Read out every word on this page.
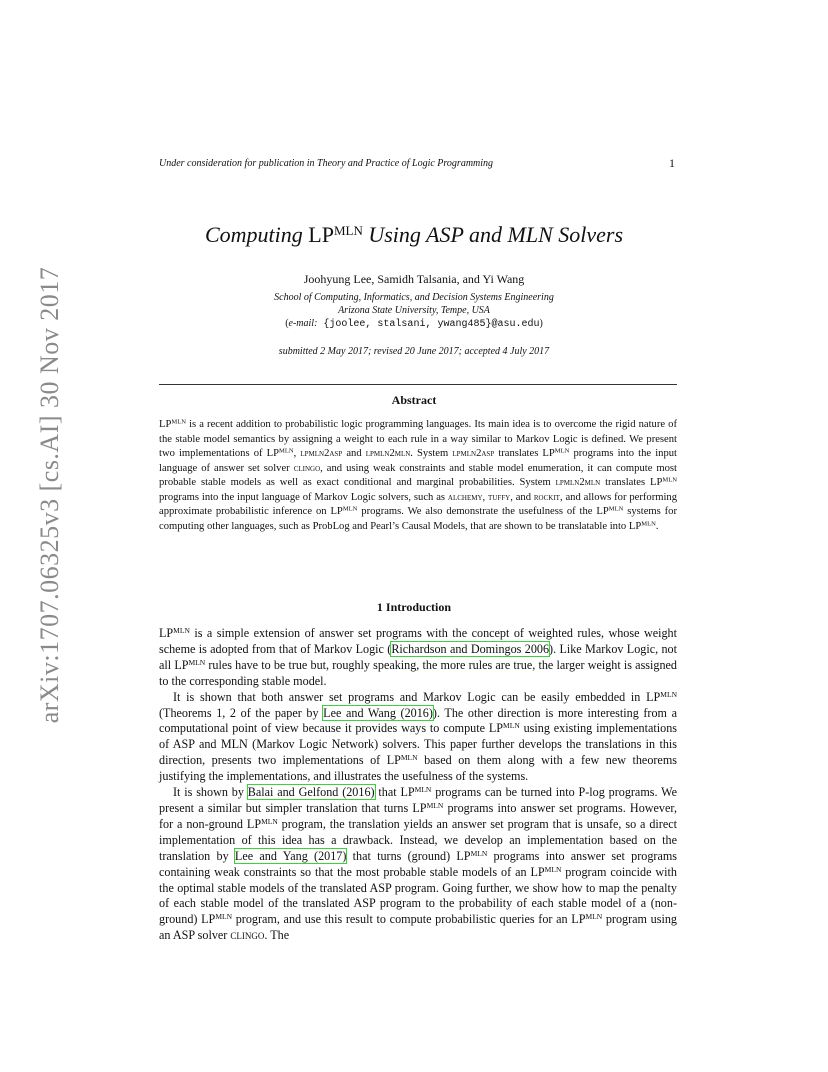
arXiv:1707.06325v3 [cs.AI] 30 Nov 2017
Under consideration for publication in Theory and Practice of Logic Programming	1
Computing $LP^{MLN}$ Using ASP and MLN Solvers
Joohyung Lee, Samidh Talsania, and Yi Wang
School of Computing, Informatics, and Decision Systems Engineering
Arizona State University, Tempe, USA
(e-mail: {joolee, stalsani, ywang485}@asu.edu)
submitted 2 May 2017; revised 20 June 2017; accepted 4 July 2017
Abstract
$LP^{MLN}$ is a recent addition to probabilistic logic programming languages. Its main idea is to overcome the rigid nature of the stable model semantics by assigning a weight to each rule in a way similar to Markov Logic is defined. We present two implementations of $LP^{MLN}$, lpmln2asp and lpmln2mln. System lpmln2asp translates $LP^{MLN}$ programs into the input language of answer set solver clingo, and using weak constraints and stable model enumeration, it can compute most probable stable models as well as exact conditional and marginal probabilities. System lpmln2mln translates $LP^{MLN}$ programs into the input language of Markov Logic solvers, such as alchemy, tuffy, and rockit, and allows for performing approximate probabilistic inference on $LP^{MLN}$ programs. We also demonstrate the usefulness of the $LP^{MLN}$ systems for computing other languages, such as ProbLog and Pearl’s Causal Models, that are shown to be translatable into $LP^{MLN}$.
1 Introduction

$LP^{MLN}$ is a simple extension of answer set programs with the concept of weighted rules, whose weight scheme is adopted from that of Markov Logic (Richardson and Domingos 2006). Like Markov Logic, not all $LP^{MLN}$ rules have to be true but, roughly speaking, the more rules are true, the larger weight is assigned to the corresponding stable model.

It is shown that both answer set programs and Markov Logic can be easily embedded in $LP^{MLN}$ (Theorems 1, 2 of the paper by Lee and Wang (2016)). The other direction is more interesting from a computational point of view because it provides ways to compute $LP^{MLN}$ using existing implementations of ASP and MLN (Markov Logic Network) solvers. This paper further develops the translations in this direction, presents two implementations of $LP^{MLN}$ based on them along with a few new theorems justifying the implementations, and illustrates the usefulness of the systems.

It is shown by Balai and Gelfond (2016) that $LP^{MLN}$ programs can be turned into P-log programs. We present a similar but simpler translation that turns $LP^{MLN}$ programs into answer set programs. However, for a non-ground $LP^{MLN}$ program, the translation yields an answer set program that is unsafe, so a direct implementation of this idea has a drawback. Instead, we develop an implementation based on the translation by Lee and Yang (2017) that turns (ground) $LP^{MLN}$ programs into answer set programs containing weak constraints so that the most probable stable models of an $LP^{MLN}$ program coincide with the optimal stable models of the translated ASP program. Going further, we show how to map the penalty of each stable model of the translated ASP program to the probability of each stable model of a (non-ground) $LP^{MLN}$ program, and use this result to compute probabilistic queries for an $LP^{MLN}$ program using an ASP solver clingo. The
